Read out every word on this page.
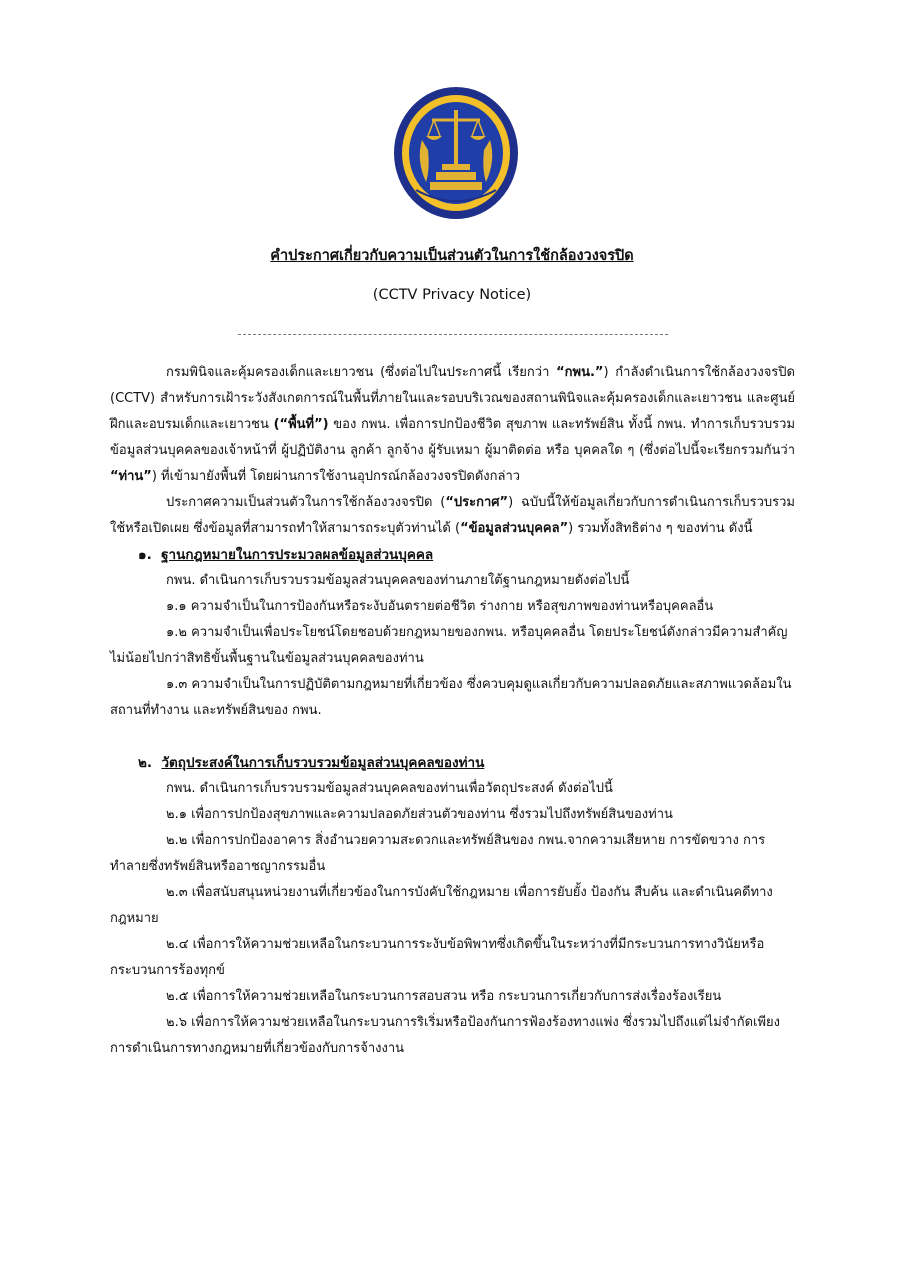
คำประกาศเกี่ยวกับความเป็นส่วนตัวในการใช้กล้องวงจรปิด
(CCTV Privacy Notice)

กรมพินิจและคุ้มครองเด็กและเยาวชน (ซึ่งต่อไปในประกาศนี้ เรียกว่า “กพน.”) กำลังดำเนินการใช้กล้องวงจรปิด (CCTV) สำหรับการเฝ้าระวังสังเกตการณ์ในพื้นที่ภายในและรอบบริเวณของสถานพินิจและคุ้มครองเด็กและเยาวชน และศูนย์ฝึกและอบรมเด็กและเยาวชน (“พื้นที่”) ของ กพน. เพื่อการปกป้องชีวิต สุขภาพ และทรัพย์สิน ทั้งนี้ กพน. ทำการเก็บรวบรวมข้อมูลส่วนบุคคลของเจ้าหน้าที่ ผู้ปฏิบัติงาน ลูกค้า ลูกจ้าง ผู้รับเหมา ผู้มาติดต่อ หรือ บุคคลใด ๆ (ซึ่งต่อไปนี้จะเรียกรวมกันว่า “ท่าน”) ที่เข้ามายังพื้นที่ โดยผ่านการใช้งานอุปกรณ์กล้องวงจรปิดดังกล่าว

ประกาศความเป็นส่วนตัวในการใช้กล้องวงจรปิด (“ประกาศ”) ฉบับนี้ให้ข้อมูลเกี่ยวกับการดำเนินการเก็บรวบรวม ใช้หรือเปิดเผย ซึ่งข้อมูลที่สามารถทำให้สามารถระบุตัวท่านได้ (“ข้อมูลส่วนบุคคล”) รวมทั้งสิทธิต่าง ๆ ของท่าน ดังนี้

๑. ฐานกฎหมายในการประมวลผลข้อมูลส่วนบุคคล

กพน. ดำเนินการเก็บรวบรวมข้อมูลส่วนบุคคลของท่านภายใต้ฐานกฎหมายดังต่อไปนี้

๑.๑ ความจำเป็นในการป้องกันหรือระงับอันตรายต่อชีวิต ร่างกาย หรือสุขภาพของท่านหรือบุคคลอื่น

๑.๒ ความจำเป็นเพื่อประโยชน์โดยชอบด้วยกฎหมายของกพน. หรือบุคคลอื่น โดยประโยชน์ดังกล่าวมีความสำคัญไม่น้อยไปกว่าสิทธิขั้นพื้นฐานในข้อมูลส่วนบุคคลของท่าน

๑.๓ ความจำเป็นในการปฏิบัติตามกฎหมายที่เกี่ยวข้อง ซึ่งควบคุมดูแลเกี่ยวกับความปลอดภัยและสภาพแวดล้อมในสถานที่ทำงาน และทรัพย์สินของ กพน.

๒. วัตถุประสงค์ในการเก็บรวบรวมข้อมูลส่วนบุคคลของท่าน

กพน. ดำเนินการเก็บรวบรวมข้อมูลส่วนบุคคลของท่านเพื่อวัตถุประสงค์ ดังต่อไปนี้

๒.๑ เพื่อการปกป้องสุขภาพและความปลอดภัยส่วนตัวของท่าน ซึ่งรวมไปถึงทรัพย์สินของท่าน

๒.๒ เพื่อการปกป้องอาคาร สิ่งอำนวยความสะดวกและทรัพย์สินของ กพน.จากความเสียหาย การขัดขวาง การทำลายซึ่งทรัพย์สินหรืออาชญากรรมอื่น

๒.๓ เพื่อสนับสนุนหน่วยงานที่เกี่ยวข้องในการบังคับใช้กฎหมาย เพื่อการยับยั้ง ป้องกัน สืบค้น และดำเนินคดีทางกฎหมาย

๒.๔ เพื่อการให้ความช่วยเหลือในกระบวนการระงับข้อพิพาทซึ่งเกิดขึ้นในระหว่างที่มีกระบวนการทางวินัยหรือกระบวนการร้องทุกข์

๒.๕ เพื่อการให้ความช่วยเหลือในกระบวนการสอบสวน หรือ กระบวนการเกี่ยวกับการส่งเรื่องร้องเรียน

๒.๖ เพื่อการให้ความช่วยเหลือในกระบวนการริเริ่มหรือป้องกันการฟ้องร้องทางแพ่ง ซึ่งรวมไปถึงแต่ไม่จำกัดเพียงการดำเนินการทางกฎหมายที่เกี่ยวข้องกับการจ้างงาน
